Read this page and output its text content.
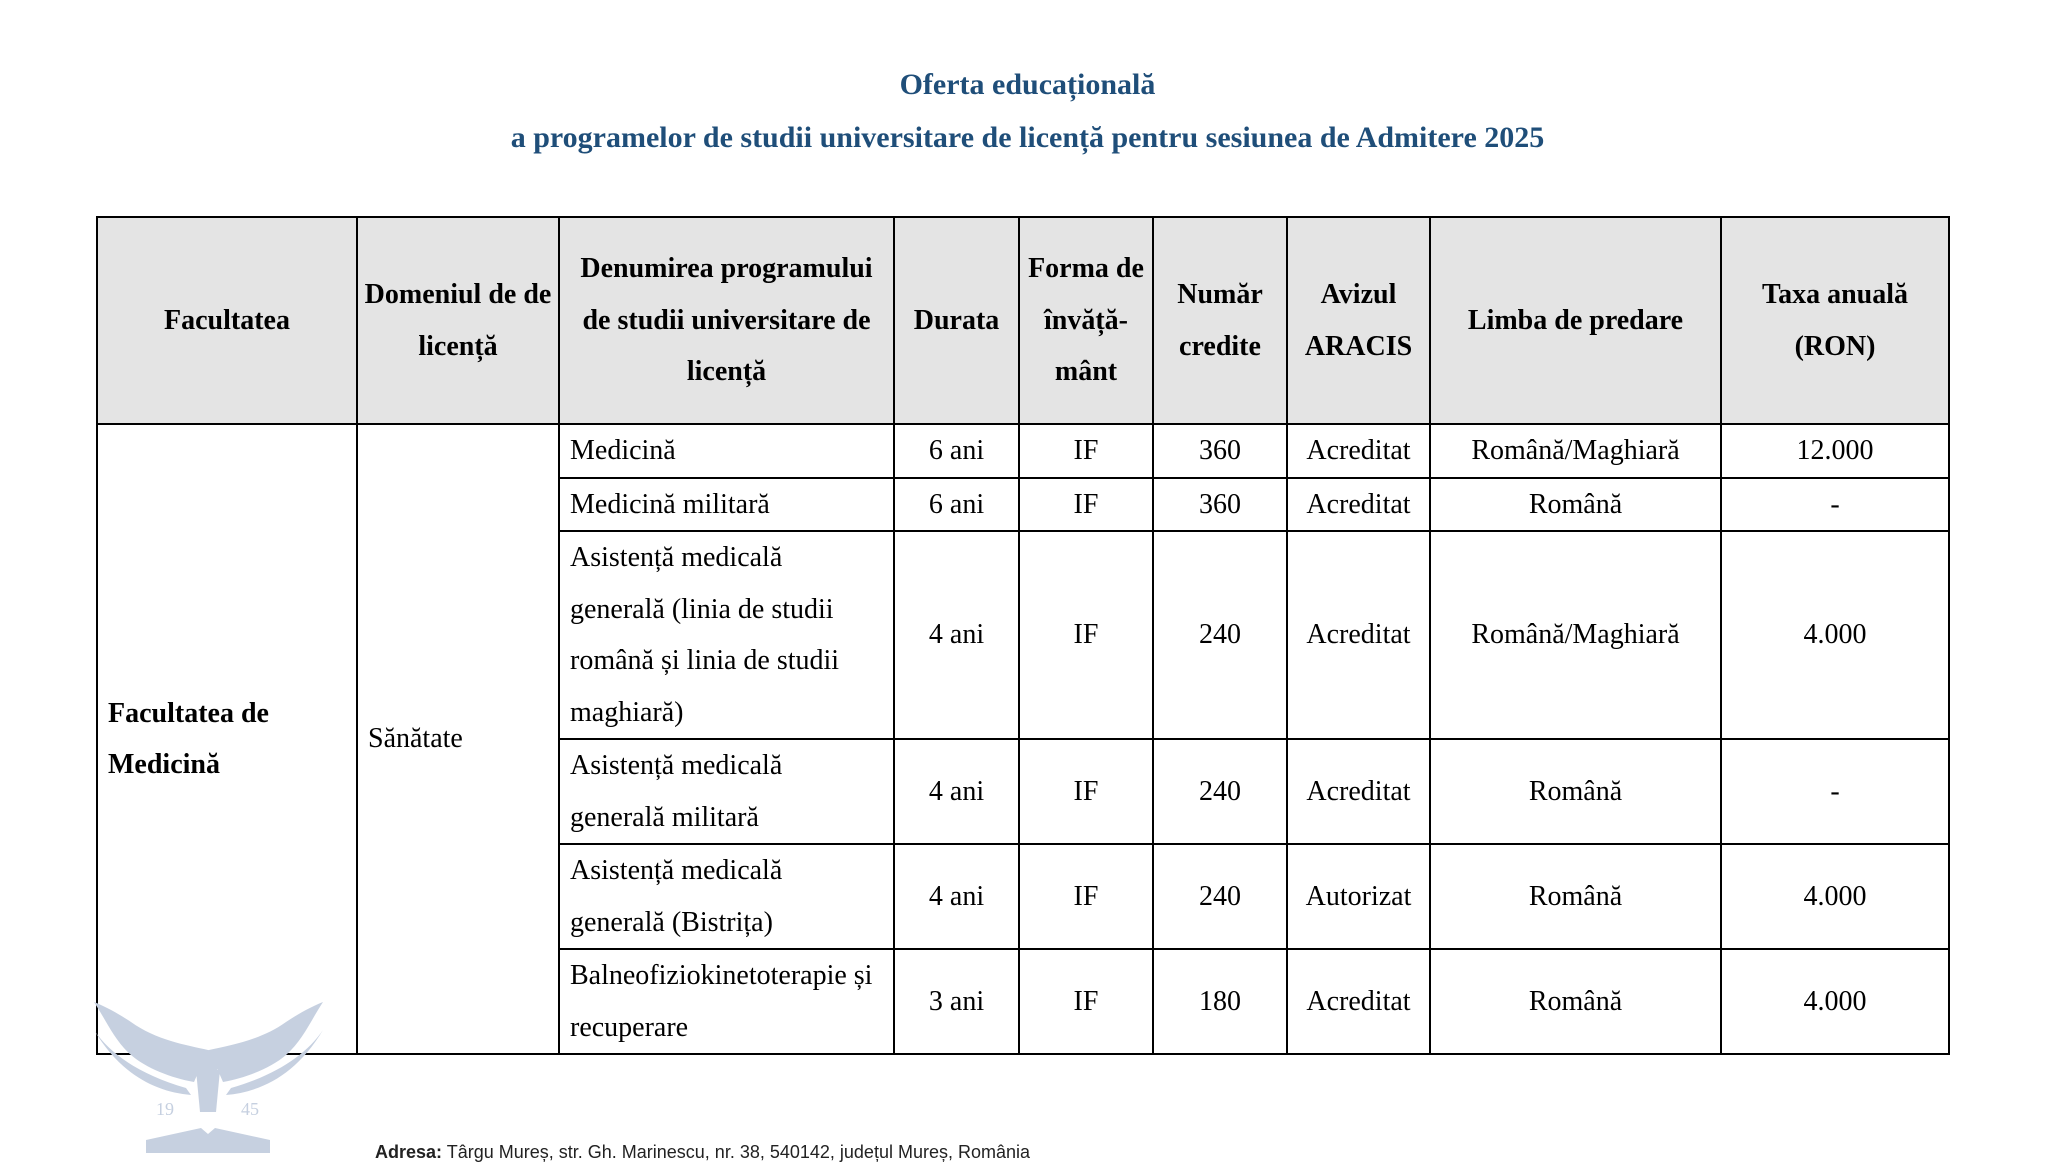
Oferta educațională
a programelor de studii universitare de licență pentru sesiunea de Admitere 2025
Facultatea	Domeniul de de licență	Denumirea programului de studii universitare de licență	Durata	Forma de învăță-mânt	Număr credite	Avizul ARACIS	Limba de predare	Taxa anuală (RON)
Facultatea de Medicină	Sănătate	Medicină	6 ani	IF	360	Acreditat	Română/Maghiară	12.000
		Medicină militară	6 ani	IF	360	Acreditat	Română	-
		Asistență medicală generală (linia de studii română și linia de studii maghiară)	4 ani	IF	240	Acreditat	Română/Maghiară	4.000
		Asistență medicală generală militară	4 ani	IF	240	Acreditat	Română	-
		Asistență medicală generală (Bistrița)	4 ani	IF	240	Autorizat	Română	4.000
		Balneofiziokinetoterapie și recuperare	3 ani	IF	180	Acreditat	Română	4.000
19	45
Adresa: Târgu Mureș, str. Gh. Marinescu, nr. 38, 540142, județul Mureș, România
